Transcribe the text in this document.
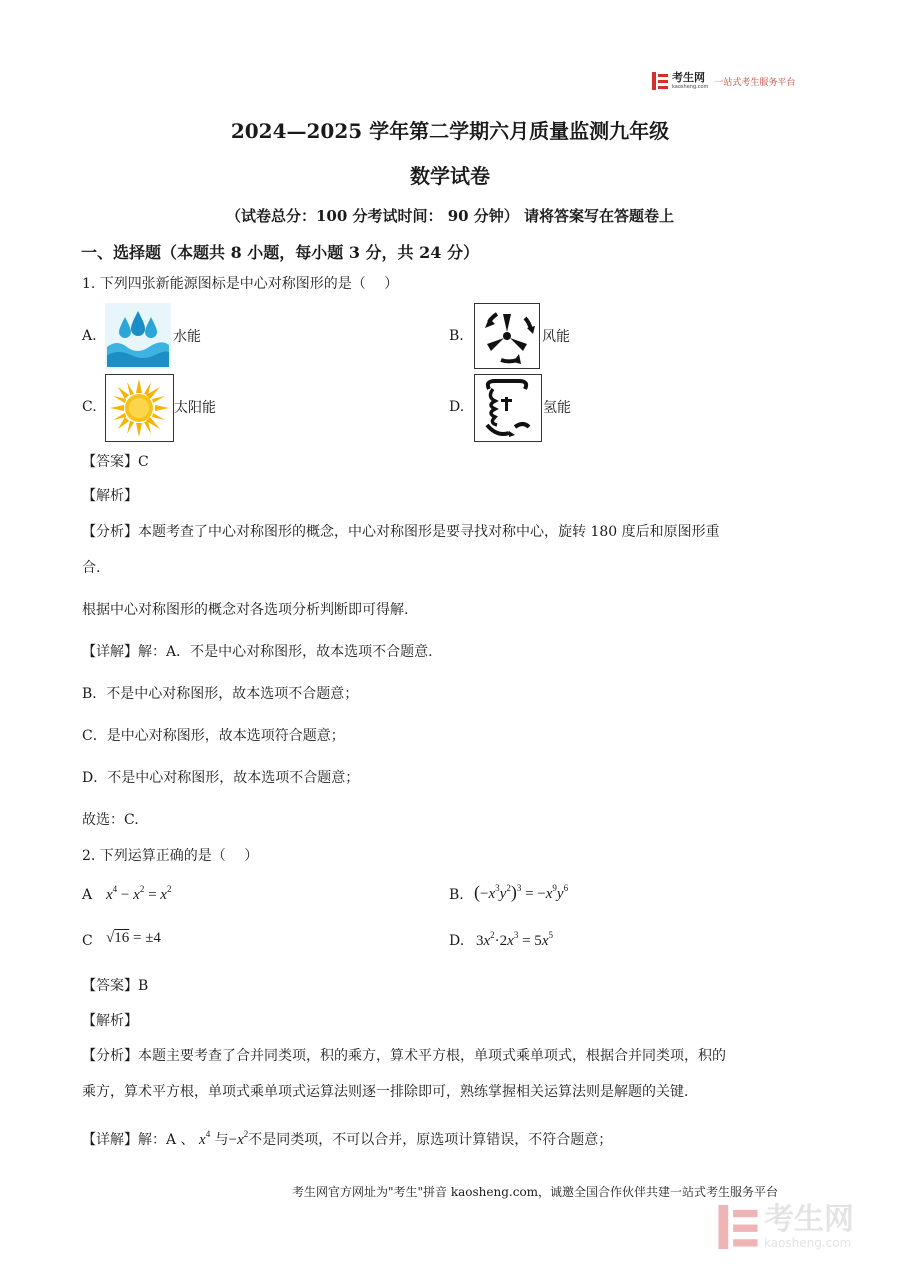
考生网
kaosheng.com 一站式考生服务平台
2024—2025 学年第二学期六月质量监测九年级
数学试卷
（试卷总分：100 分考试时间： 90 分钟） 请将答案写在答题卷上
一、选择题（本题共 8 小题，每小题 3 分，共 24 分）
1. 下列四张新能源图标是中心对称图形的是（　 ）
A.	水能	B.	风能
C.	太阳能	D.	氢能
【答案】C
【解析】
【分析】本题考查了中心对称图形的概念，中心对称图形是要寻找对称中心，旋转 180 度后和原图形重
合.
根据中心对称图形的概念对各选项分析判断即可得解.
【详解】解：A．不是中心对称图形，故本选项不合题意.
B．不是中心对称图形，故本选项不合题意；
C．是中心对称图形，故本选项符合题意；
D．不是中心对称图形，故本选项不合题意；
故选：C.
2. 下列运算正确的是（　 ）
A $x^4 - x^2 = x^2$	B. $(-x^3y^2)^3 = -x^9y^6$
C √16 = ±4	D. $3x^2\cdot 2x^3 = 5x^5$
【答案】B
【解析】
【分析】本题主要考查了合并同类项，积的乘方，算术平方根，单项式乘单项式，根据合并同类项，积的
乘方，算术平方根，单项式乘单项式运算法则逐一排除即可，熟练掌握相关运算法则是解题的关键.
【详解】解：A 、 $x^4$ 与$-x^2$不是同类项，不可以合并，原选项计算错误，不符合题意；
考生网官方网址为"考生"拼音 kaosheng.com，诚邀全国合作伙伴共建一站式考生服务平台
考生网
kaosheng.com
